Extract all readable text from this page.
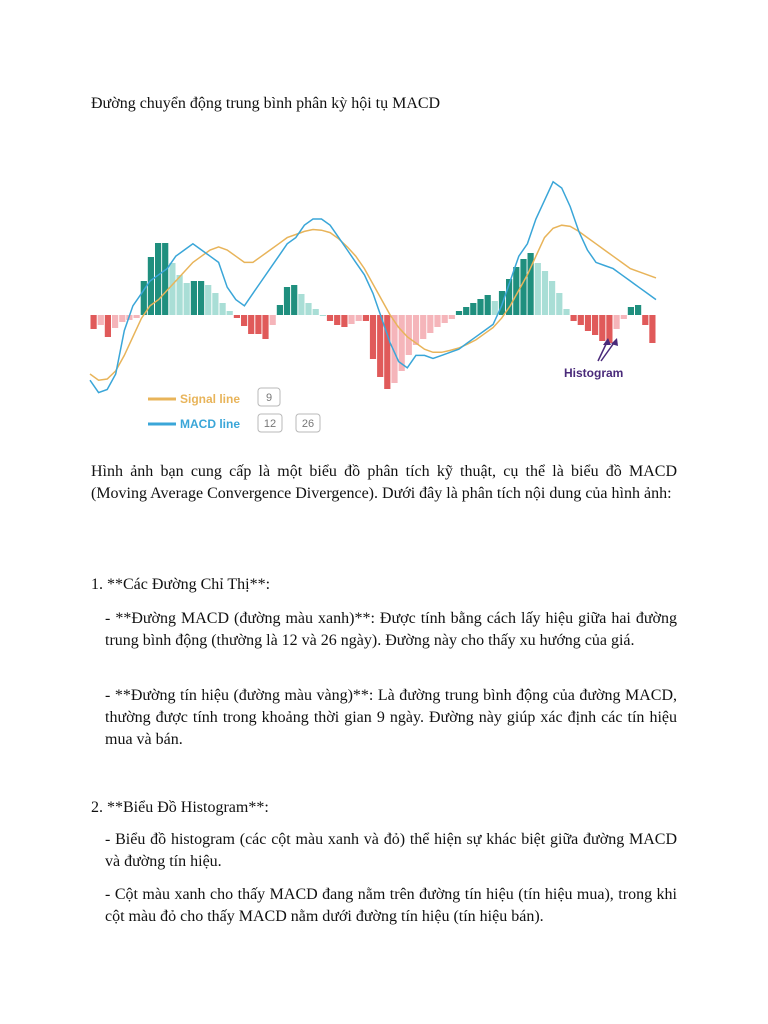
Đường chuyển động trung bình phân kỳ hội tụ MACD
Histogram
Signal line 9
MACD line 12 26

Hình ảnh bạn cung cấp là một biểu đồ phân tích kỹ thuật, cụ thể là biểu đồ MACD (Moving Average Convergence Divergence). Dưới đây là phân tích nội dung của hình ảnh:

1. **Các Đường Chỉ Thị**:

- **Đường MACD (đường màu xanh)**: Được tính bằng cách lấy hiệu giữa hai đường trung bình động (thường là 12 và 26 ngày). Đường này cho thấy xu hướng của giá.

- **Đường tín hiệu (đường màu vàng)**: Là đường trung bình động của đường MACD, thường được tính trong khoảng thời gian 9 ngày. Đường này giúp xác định các tín hiệu mua và bán.

2. **Biểu Đồ Histogram**:

- Biểu đồ histogram (các cột màu xanh và đỏ) thể hiện sự khác biệt giữa đường MACD và đường tín hiệu.

- Cột màu xanh cho thấy MACD đang nằm trên đường tín hiệu (tín hiệu mua), trong khi cột màu đỏ cho thấy MACD nằm dưới đường tín hiệu (tín hiệu bán).
